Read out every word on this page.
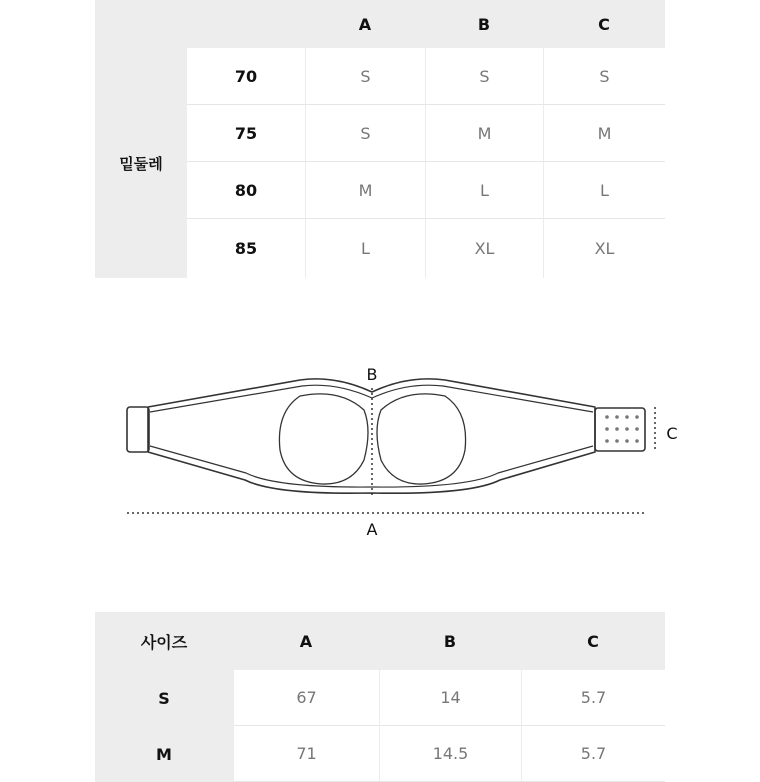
A	B	C
밑둘레
70	S	S	S
75	S	M	M
80	M	L	L
85	L	XL	XL
B
A
C
사이즈	A	B	C
S	67	14	5.7
M	71	14.5	5.7
